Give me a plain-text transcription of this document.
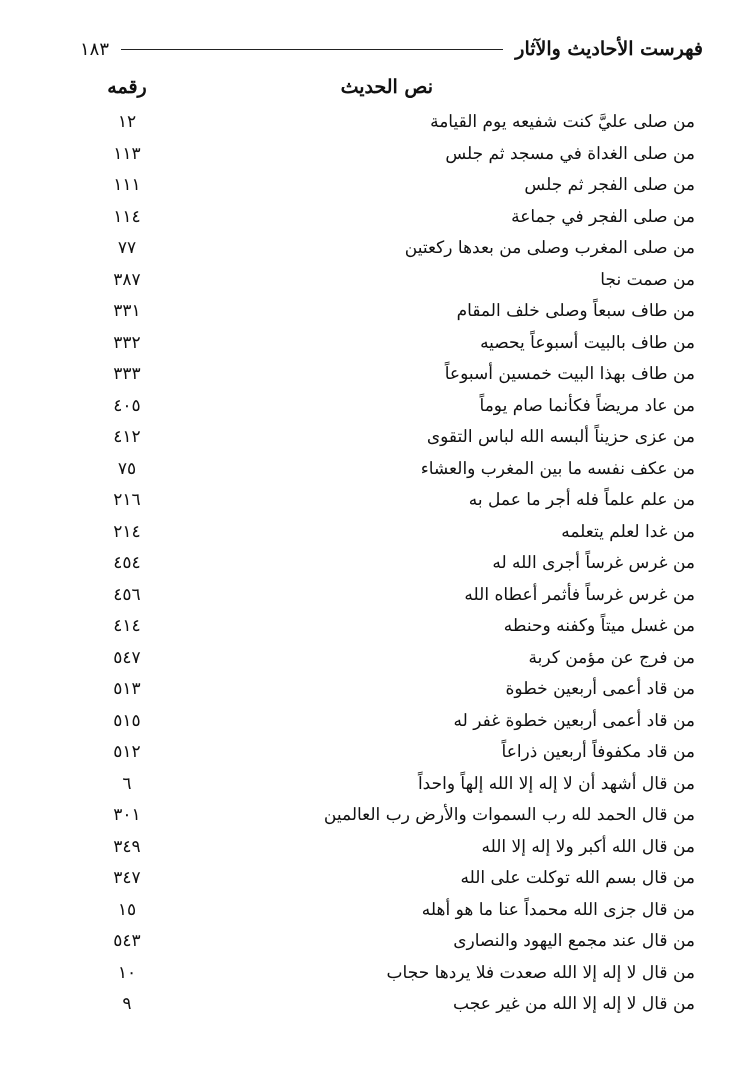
فهرست الأحاديث والآثار
١٨٣
نص الحديث
رقمه
من صلى عليَّ كنت شفيعه يوم القيامة
١٢
من صلى الغداة في مسجد ثم جلس
١١٣
من صلى الفجر ثم جلس
١١١
من صلى الفجر في جماعة
١١٤
من صلى المغرب وصلى من بعدها ركعتين
٧٧
من صمت نجا
٣٨٧
من طاف سبعاً وصلى خلف المقام
٣٣١
من طاف بالبيت أسبوعاً يحصيه
٣٣٢
من طاف بهذا البيت خمسين أسبوعاً
٣٣٣
من عاد مريضاً فكأنما صام يوماً
٤٠٥
من عزى حزيناً ألبسه الله لباس التقوى
٤١٢
من عكف نفسه ما بين المغرب والعشاء
٧٥
من علم علماً فله أجر ما عمل به
٢١٦
من غدا لعلم يتعلمه
٢١٤
من غرس غرساً أجرى الله له
٤٥٤
من غرس غرساً فأثمر أعطاه الله
٤٥٦
من غسل ميتاً وكفنه وحنطه
٤١٤
من فرج عن مؤمن كربة
٥٤٧
من قاد أعمى أربعين خطوة
٥١٣
من قاد أعمى أربعين خطوة غفر له
٥١٥
من قاد مكفوفاً أربعين ذراعاً
٥١٢
من قال أشهد أن لا إله إلا الله إلهاً واحداً
٦
من قال الحمد لله رب السموات والأرض رب العالمين
٣٠١
من قال الله أكبر ولا إله إلا الله
٣٤٩
من قال بسم الله توكلت على الله
٣٤٧
من قال جزى الله محمداً عنا ما هو أهله
١٥
من قال عند مجمع اليهود والنصارى
٥٤٣
من قال لا إله إلا الله صعدت فلا يردها حجاب
١٠
من قال لا إله إلا الله من غير عجب
٩
